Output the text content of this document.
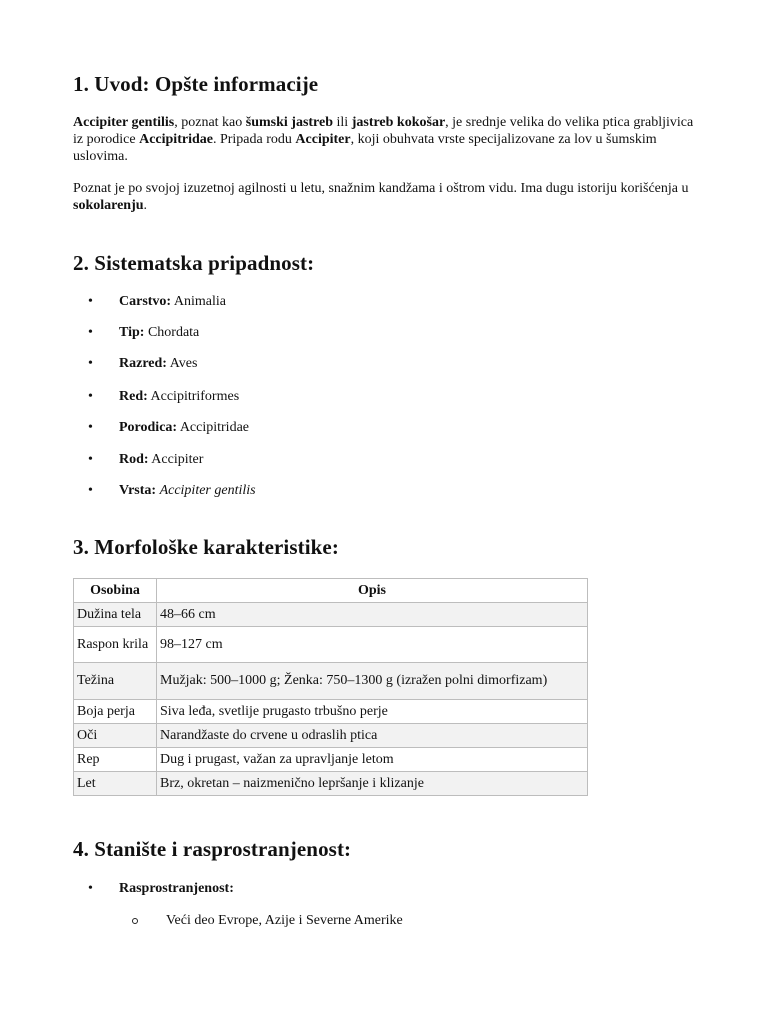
1. Uvod: Opšte informacije

Accipiter gentilis, poznat kao šumski jastreb ili jastreb kokošar, je srednje velika do velika ptica grabljivica iz porodice Accipitridae. Pripada rodu Accipiter, koji obuhvata vrste specijalizovane za lov u šumskim uslovima.

Poznat je po svojoj izuzetnoj agilnosti u letu, snažnim kandžama i oštrom vidu. Ima dugu istoriju korišćenja u sokolarenju.

2. Sistematska pripadnost:
• Carstvo: Animalia
• Tip: Chordata
• Razred: Aves
• Red: Accipitriformes
• Porodica: Accipitridae
• Rod: Accipiter
• Vrsta: Accipiter gentilis
3. Morfološke karakteristike:
Osobina	Opis
Dužina tela	48–66 cm
Raspon krila	98–127 cm
Težina	Mužjak: 500–1000 g; Ženka: 750–1300 g (izražen polni dimorfizam)
Boja perja	Siva leđa, svetlije prugasto trbušno perje
Oči	Narandžaste do crvene u odraslih ptica
Rep	Dug i prugast, važan za upravljanje letom
Let	Brz, okretan – naizmenično lepršanje i klizanje
4. Stanište i rasprostranjenost:
• Rasprostranjenost:
Veći deo Evrope, Azije i Severne Amerike
